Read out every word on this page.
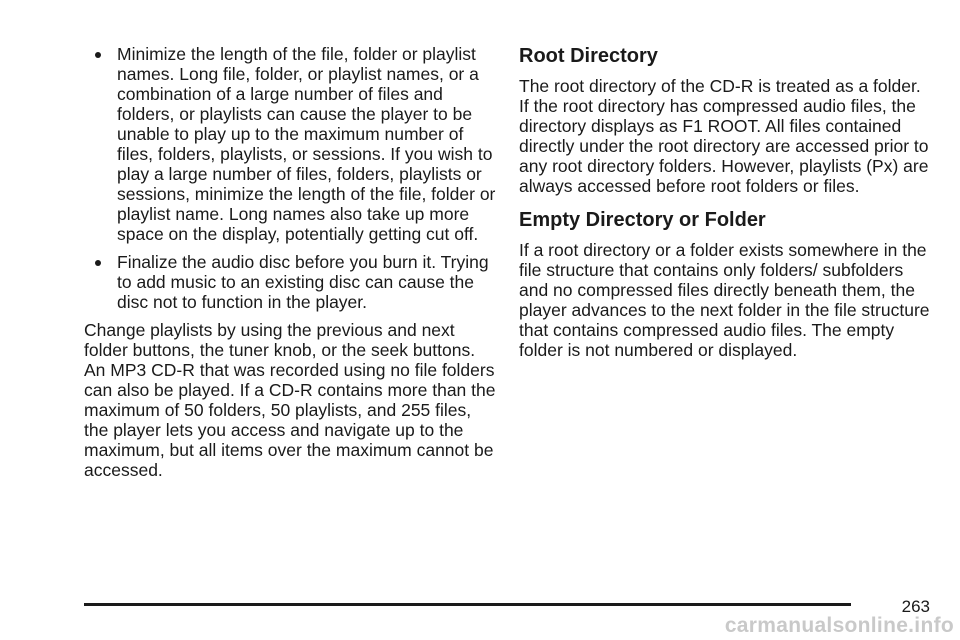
Minimize the length of the file, folder or playlist names. Long file, folder, or playlist names, or a combination of a large number of files and folders, or playlists can cause the player to be unable to play up to the maximum number of files, folders, playlists, or sessions. If you wish to play a large number of files, folders, playlists or sessions, minimize the length of the file, folder or playlist name. Long names also take up more space on the display, potentially getting cut off.
Finalize the audio disc before you burn it. Trying to add music to an existing disc can cause the disc not to function in the player.

Change playlists by using the previous and next folder buttons, the tuner knob, or the seek buttons. An MP3 CD-R that was recorded using no file folders can also be played. If a CD-R contains more than the maximum of 50 folders, 50 playlists, and 255 files, the player lets you access and navigate up to the maximum, but all items over the maximum cannot be accessed.

Root Directory

The root directory of the CD-R is treated as a folder. If the root directory has compressed audio files, the directory displays as F1 ROOT. All files contained directly under the root directory are accessed prior to any root directory folders. However, playlists (Px) are always accessed before root folders or files.

Empty Directory or Folder

If a root directory or a folder exists somewhere in the file structure that contains only folders/ subfolders and no compressed files directly beneath them, the player advances to the next folder in the file structure that contains compressed audio files. The empty folder is not numbered or displayed.

263
carmanualsonline.info
